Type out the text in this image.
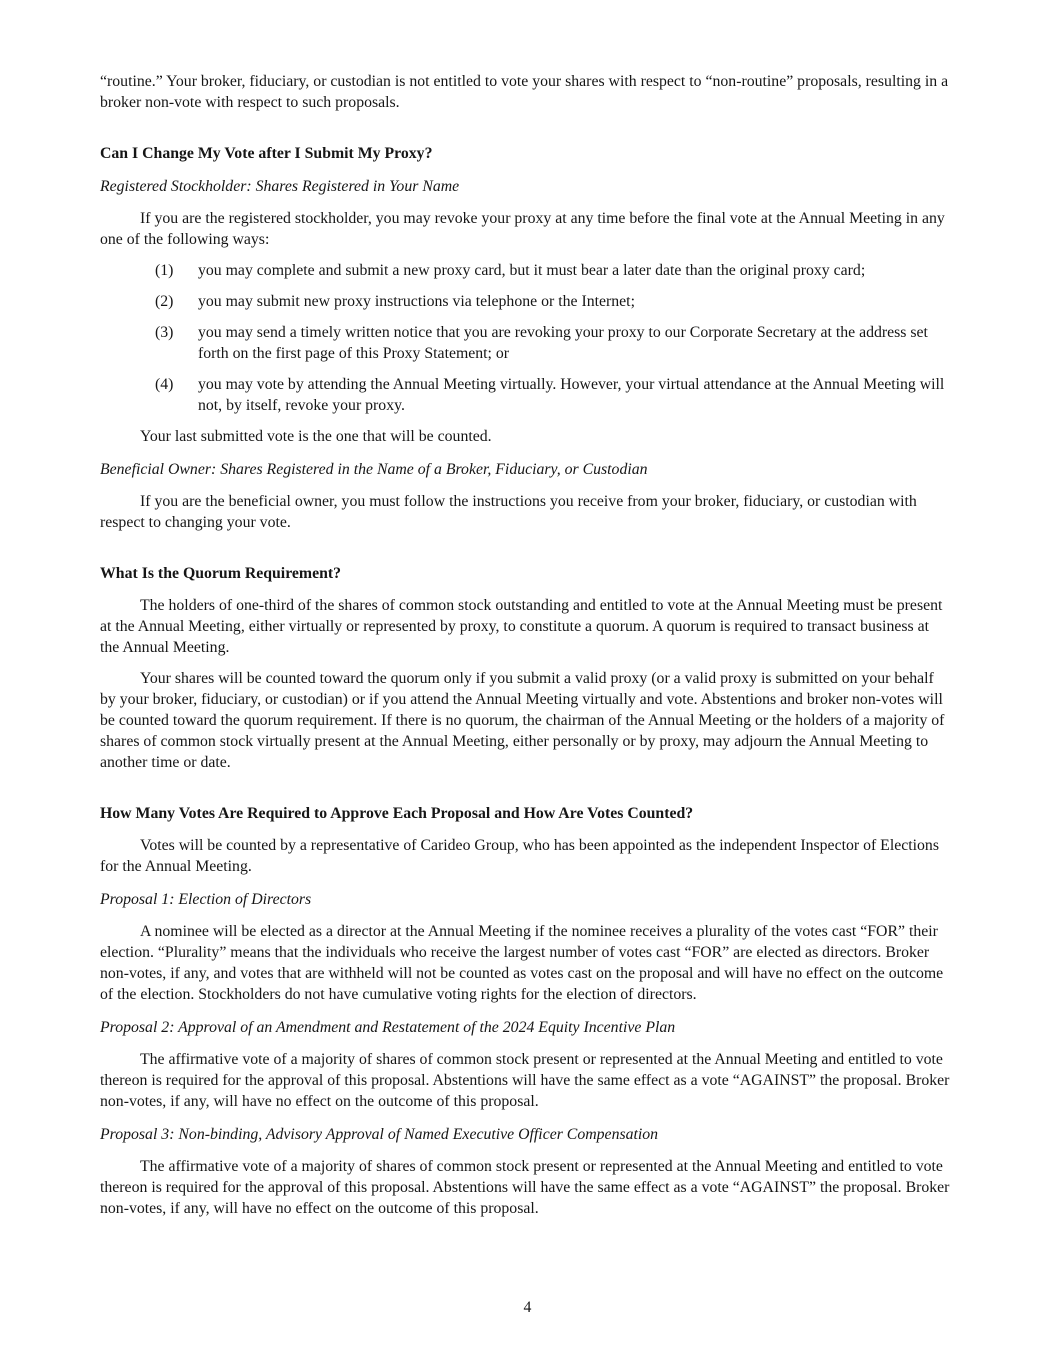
“routine.” Your broker, fiduciary, or custodian is not entitled to vote your shares with respect to “non-routine” proposals, resulting in a broker non-vote with respect to such proposals.

Can I Change My Vote after I Submit My Proxy?

Registered Stockholder: Shares Registered in Your Name

If you are the registered stockholder, you may revoke your proxy at any time before the final vote at the Annual Meeting in any one of the following ways:

(1)	you may complete and submit a new proxy card, but it must bear a later date than the original proxy card;
(2)	you may submit new proxy instructions via telephone or the Internet;
(3)	you may send a timely written notice that you are revoking your proxy to our Corporate Secretary at the address set forth on the first page of this Proxy Statement; or
(4)	you may vote by attending the Annual Meeting virtually. However, your virtual attendance at the Annual Meeting will not, by itself, revoke your proxy.

Your last submitted vote is the one that will be counted.

Beneficial Owner: Shares Registered in the Name of a Broker, Fiduciary, or Custodian

If you are the beneficial owner, you must follow the instructions you receive from your broker, fiduciary, or custodian with respect to changing your vote.

What Is the Quorum Requirement?

The holders of one-third of the shares of common stock outstanding and entitled to vote at the Annual Meeting must be present at the Annual Meeting, either virtually or represented by proxy, to constitute a quorum. A quorum is required to transact business at the Annual Meeting.

Your shares will be counted toward the quorum only if you submit a valid proxy (or a valid proxy is submitted on your behalf by your broker, fiduciary, or custodian) or if you attend the Annual Meeting virtually and vote. Abstentions and broker non-votes will be counted toward the quorum requirement. If there is no quorum, the chairman of the Annual Meeting or the holders of a majority of shares of common stock virtually present at the Annual Meeting, either personally or by proxy, may adjourn the Annual Meeting to another time or date.

How Many Votes Are Required to Approve Each Proposal and How Are Votes Counted?

Votes will be counted by a representative of Carideo Group, who has been appointed as the independent Inspector of Elections for the Annual Meeting.

Proposal 1: Election of Directors

A nominee will be elected as a director at the Annual Meeting if the nominee receives a plurality of the votes cast “FOR” their election. “Plurality” means that the individuals who receive the largest number of votes cast “FOR” are elected as directors. Broker non-votes, if any, and votes that are withheld will not be counted as votes cast on the proposal and will have no effect on the outcome of the election. Stockholders do not have cumulative voting rights for the election of directors.

Proposal 2: Approval of an Amendment and Restatement of the 2024 Equity Incentive Plan

The affirmative vote of a majority of shares of common stock present or represented at the Annual Meeting and entitled to vote thereon is required for the approval of this proposal. Abstentions will have the same effect as a vote “AGAINST” the proposal. Broker non-votes, if any, will have no effect on the outcome of this proposal.

Proposal 3: Non-binding, Advisory Approval of Named Executive Officer Compensation

The affirmative vote of a majority of shares of common stock present or represented at the Annual Meeting and entitled to vote thereon is required for the approval of this proposal. Abstentions will have the same effect as a vote “AGAINST” the proposal. Broker non-votes, if any, will have no effect on the outcome of this proposal.

4
